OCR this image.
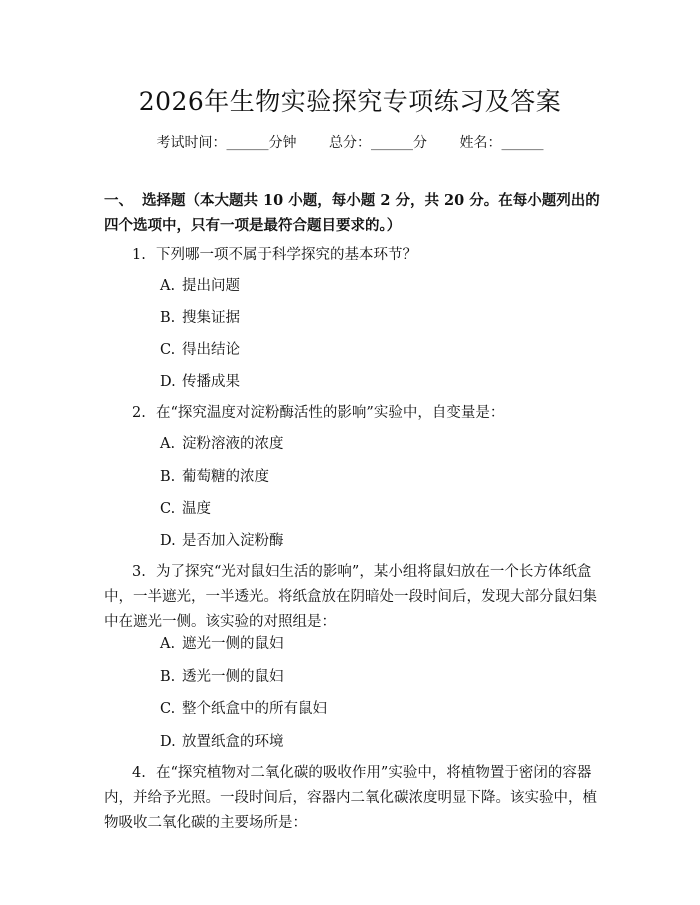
2026年生物实验探究专项练习及答案
考试时间：______分钟 总分：______分 姓名：______
一、 选择题（本大题共 10 小题，每小题 2 分，共 20 分。在每小题列出的四个选项中，只有一项是最符合题目要求的。）
1. 下列哪一项不属于科学探究的基本环节？
A. 提出问题
B. 搜集证据
C. 得出结论
D. 传播成果
2. 在“探究温度对淀粉酶活性的影响”实验中，自变量是：
A. 淀粉溶液的浓度
B. 葡萄糖的浓度
C. 温度
D. 是否加入淀粉酶
3. 为了探究“光对鼠妇生活的影响”，某小组将鼠妇放在一个长方体纸盒中，一半遮光，一半透光。将纸盒放在阴暗处一段时间后，发现大部分鼠妇集中在遮光一侧。该实验的对照组是：
A. 遮光一侧的鼠妇
B. 透光一侧的鼠妇
C. 整个纸盒中的所有鼠妇
D. 放置纸盒的环境
4. 在“探究植物对二氧化碳的吸收作用”实验中，将植物置于密闭的容器内，并给予光照。一段时间后，容器内二氧化碳浓度明显下降。该实验中，植物吸收二氧化碳的主要场所是：
